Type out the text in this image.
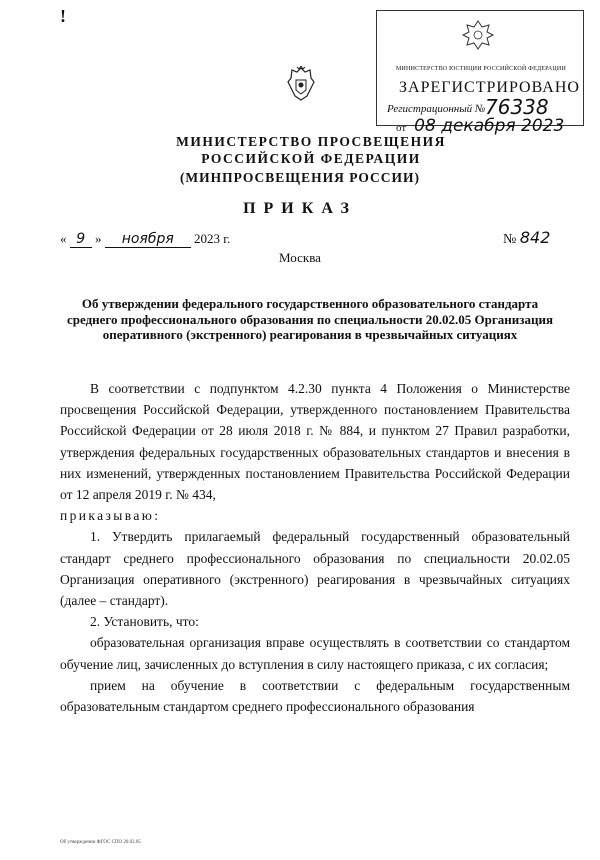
!
МИНИСТЕРСТВО ЮСТИЦИИ РОССИЙСКОЙ ФЕДЕРАЦИИ
ЗАРЕГИСТРИРОВАНО
Регистрационный № 76338
от 08 декабря 2023
МИНИСТЕРСТВО ПРОСВЕЩЕНИЯ
РОССИЙСКОЙ ФЕДЕРАЦИИ
(МИНПРОСВЕЩЕНИЯ РОССИИ)
ПРИКАЗ
« 9 » ноября 2023 г.	№ 842
Москва
Об утверждении федерального государственного образовательного стандарта среднего профессионального образования по специальности 20.02.05 Организация оперативного (экстренного) реагирования в чрезвычайных ситуациях

В соответствии с подпунктом 4.2.30 пункта 4 Положения о Министерстве просвещения Российской Федерации, утвержденного постановлением Правительства Российской Федерации от 28 июля 2018 г. № 884, и пунктом 27 Правил разработки, утверждения федеральных государственных образовательных стандартов и внесения в них изменений, утвержденных постановлением Правительства Российской Федерации от 12 апреля 2019 г. № 434,

приказываю:

1. Утвердить прилагаемый федеральный государственный образовательный стандарт среднего профессионального образования по специальности 20.02.05 Организация оперативного (экстренного) реагирования в чрезвычайных ситуациях (далее – стандарт).

2. Установить, что:

образовательная организация вправе осуществлять в соответствии со стандартом обучение лиц, зачисленных до вступления в силу настоящего приказа, с их согласия;

прием на обучение в соответствии с федеральным государственным образовательным стандартом среднего профессионального образования

Об утверждении ФГОС СПО 20.02.05
